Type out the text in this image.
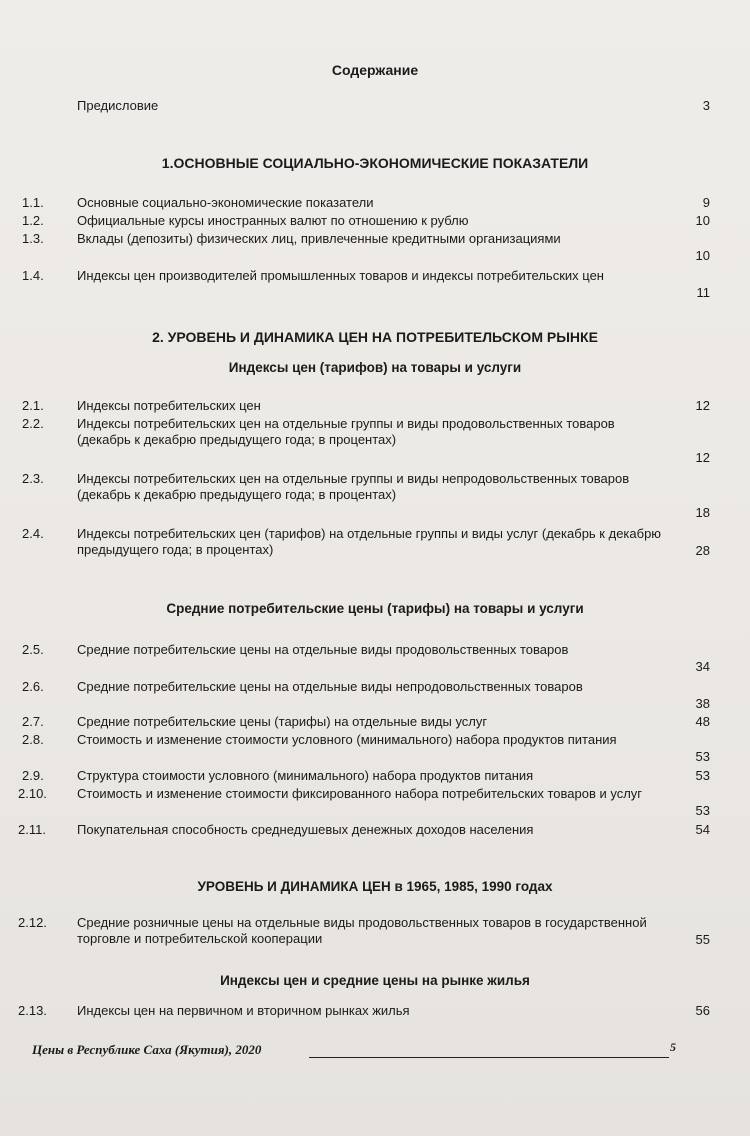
Содержание
Предисловие	3
1.ОСНОВНЫЕ СОЦИАЛЬНО-ЭКОНОМИЧЕСКИЕ ПОКАЗАТЕЛИ
1.1.	Основные социально-экономические показатели	9
1.2.	Официальные курсы иностранных валют по отношению к рублю	10
1.3.	Вклады (депозиты) физических лиц, привлеченные кредитными организациями
10
1.4.	Индексы цен производителей промышленных товаров и индексы потребительских цен
11
2. УРОВЕНЬ И ДИНАМИКА ЦЕН НА ПОТРЕБИТЕЛЬСКОМ РЫНКЕ
Индексы цен (тарифов) на товары и услуги
2.1.	Индексы потребительских цен	12
2.2.	Индексы потребительских цен на отдельные группы и виды продовольственных товаров (декабрь к декабрю предыдущего года; в процентах)
12
2.3.	Индексы потребительских цен на отдельные группы и виды непродовольственных товаров (декабрь к декабрю предыдущего года; в процентах)
18
2.4.	Индексы потребительских цен (тарифов) на отдельные группы и виды услуг (декабрь к декабрю предыдущего года; в процентах)	28
Средние потребительские цены (тарифы) на товары и услуги
2.5.	Средние потребительские цены на отдельные виды продовольственных товаров
34
2.6.	Средние потребительские цены на отдельные виды непродовольственных товаров
38
2.7.	Средние потребительские цены (тарифы) на отдельные виды услуг	48
2.8.	Стоимость и изменение стоимости условного (минимального) набора продуктов питания
53
2.9.	Структура стоимости условного (минимального) набора продуктов питания	53
2.10.	Стоимость и изменение стоимости фиксированного набора потребительских товаров и услуг
53
2.11.	Покупательная способность среднедушевых денежных доходов населения	54
УРОВЕНЬ И ДИНАМИКА ЦЕН в 1965, 1985, 1990 годах
2.12.	Средние розничные цены на отдельные виды продовольственных товаров в государственной торговле и потребительской кооперации	55
Индексы цен и средние цены на рынке жилья
2.13.	Индексы цен на первичном и вторичном рынках жилья	56
Цены в Республике Саха (Якутия), 2020	5
